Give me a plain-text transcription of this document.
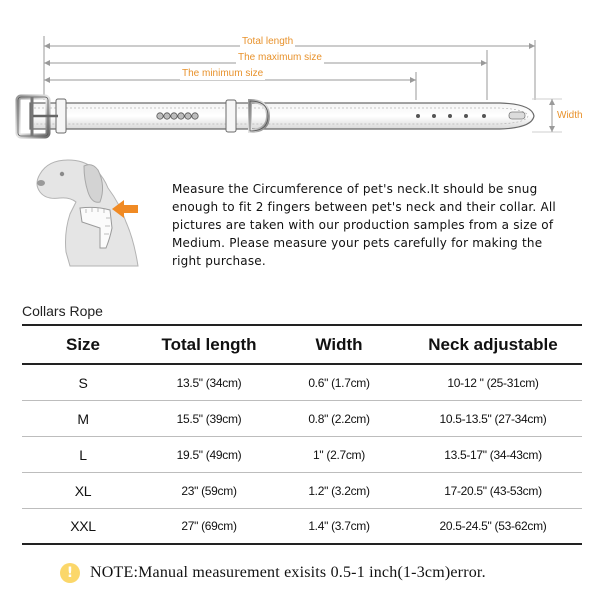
Total length
The maximum size
The minimum size
Width

Measure the Circumference of pet's neck.It should be snug enough to fit 2 fingers between pet's neck and their collar. All pictures are taken with our production samples from a size of Medium. Please measure your pets carefully for making the right purchase.

Collars Rope
Size	Total length	Width	Neck adjustable
S	13.5" (34cm)	0.6" (1.7cm)	10-12 " (25-31cm)
M	15.5" (39cm)	0.8" (2.2cm)	10.5-13.5" (27-34cm)
L	19.5" (49cm)	1" (2.7cm)	13.5-17" (34-43cm)
XL	23" (59cm)	1.2" (3.2cm)	17-20.5" (43-53cm)
XXL	27" (69cm)	1.4" (3.7cm)	20.5-24.5" (53-62cm)
!	NOTE:Manual measurement exisits 0.5-1 inch(1-3cm)error.
